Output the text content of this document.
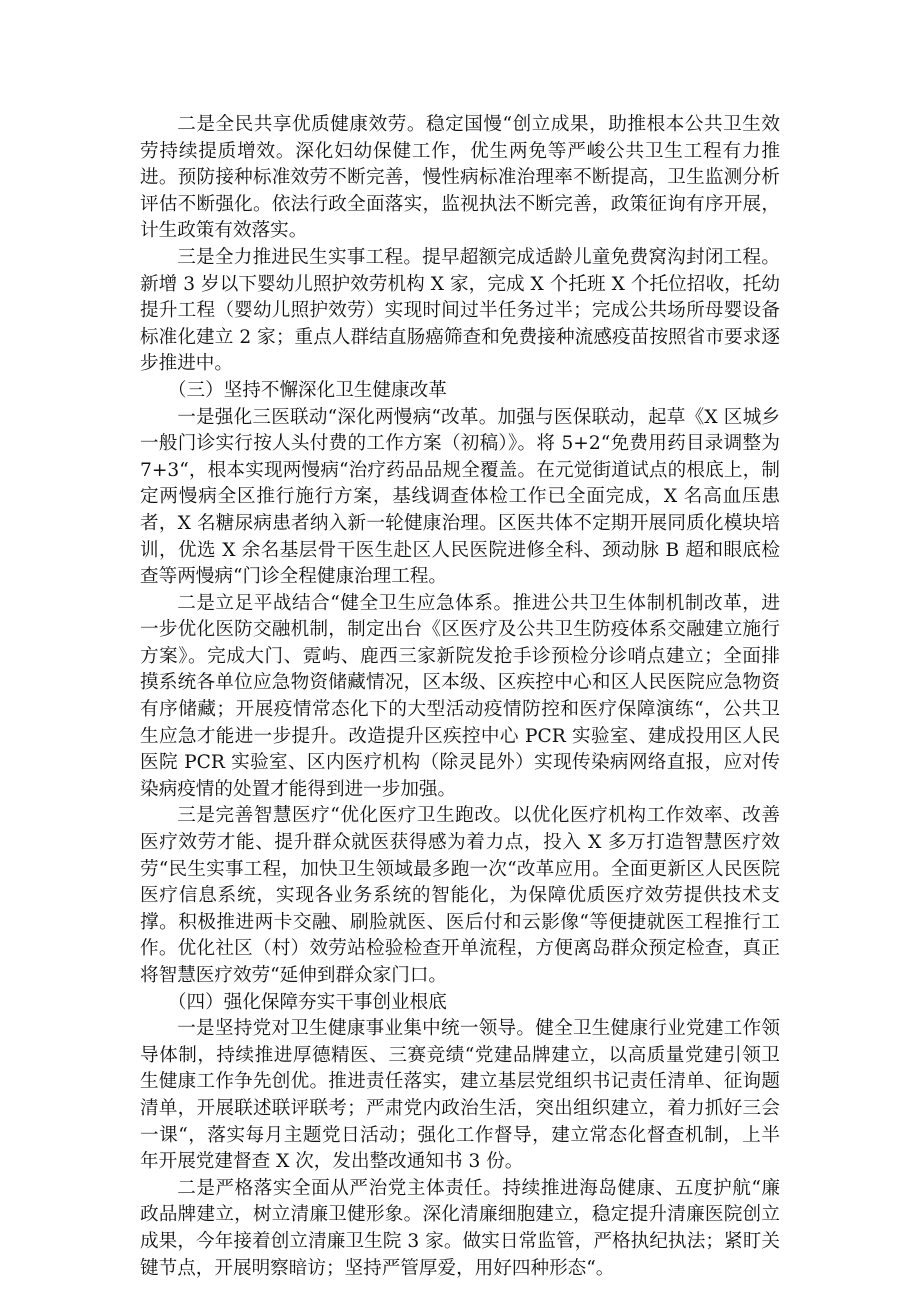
二是全民共享优质健康效劳。稳定国慢“创立成果，助推根本公共卫生效劳持续提质增效。深化妇幼保健工作，优生两免等严峻公共卫生工程有力推进。预防接种标准效劳不断完善，慢性病标准治理率不断提高，卫生监测分析评估不断强化。依法行政全面落实，监视执法不断完善，政策征询有序开展，计生政策有效落实。

三是全力推进民生实事工程。提早超额完成适龄儿童免费窝沟封闭工程。新增 3 岁以下婴幼儿照护效劳机构 X 家，完成 X 个托班 X 个托位招收，托幼提升工程（婴幼儿照护效劳）实现时间过半任务过半；完成公共场所母婴设备标准化建立 2 家；重点人群结直肠癌筛查和免费接种流感疫苗按照省市要求逐步推进中。

（三）坚持不懈深化卫生健康改革

一是强化三医联动“深化两慢病“改革。加强与医保联动，起草《X 区城乡一般门诊实行按人头付费的工作方案（初稿）》。将 5+2“免费用药目录调整为 7+3“，根本实现两慢病“治疗药品品规全覆盖。在元觉街道试点的根底上，制定两慢病全区推行施行方案，基线调查体检工作已全面完成，X 名高血压患者，X 名糖尿病患者纳入新一轮健康治理。区医共体不定期开展同质化模块培训，优选 X 余名基层骨干医生赴区人民医院进修全科、颈动脉 B 超和眼底检查等两慢病“门诊全程健康治理工程。

二是立足平战结合“健全卫生应急体系。推进公共卫生体制机制改革，进一步优化医防交融机制，制定出台《区医疗及公共卫生防疫体系交融建立施行方案》。完成大门、霓屿、鹿西三家新院发抢手诊预检分诊哨点建立；全面排摸系统各单位应急物资储藏情况，区本级、区疾控中心和区人民医院应急物资有序储藏；开展疫情常态化下的大型活动疫情防控和医疗保障演练“，公共卫生应急才能进一步提升。改造提升区疾控中心 PCR 实验室、建成投用区人民医院 PCR 实验室、区内医疗机构（除灵昆外）实现传染病网络直报，应对传染病疫情的处置才能得到进一步加强。

三是完善智慧医疗“优化医疗卫生跑改。以优化医疗机构工作效率、改善医疗效劳才能、提升群众就医获得感为着力点，投入 X 多万打造智慧医疗效劳“民生实事工程，加快卫生领域最多跑一次“改革应用。全面更新区人民医院医疗信息系统，实现各业务系统的智能化，为保障优质医疗效劳提供技术支撑。积极推进两卡交融、刷脸就医、医后付和云影像“等便捷就医工程推行工作。优化社区（村）效劳站检验检查开单流程，方便离岛群众预定检查，真正将智慧医疗效劳“延伸到群众家门口。

（四）强化保障夯实干事创业根底

一是坚持党对卫生健康事业集中统一领导。健全卫生健康行业党建工作领导体制，持续推进厚德精医、三赛竞绩“党建品牌建立，以高质量党建引领卫生健康工作争先创优。推进责任落实，建立基层党组织书记责任清单、征询题清单，开展联述联评联考；严肃党内政治生活，突出组织建立，着力抓好三会一课“，落实每月主题党日活动；强化工作督导，建立常态化督查机制，上半年开展党建督查 X 次，发出整改通知书 3 份。

二是严格落实全面从严治党主体责任。持续推进海岛健康、五度护航“廉政品牌建立，树立清廉卫健形象。深化清廉细胞建立，稳定提升清廉医院创立成果，今年接着创立清廉卫生院 3 家。做实日常监管，严格执纪执法；紧盯关键节点，开展明察暗访；坚持严管厚爱，用好四种形态“。
